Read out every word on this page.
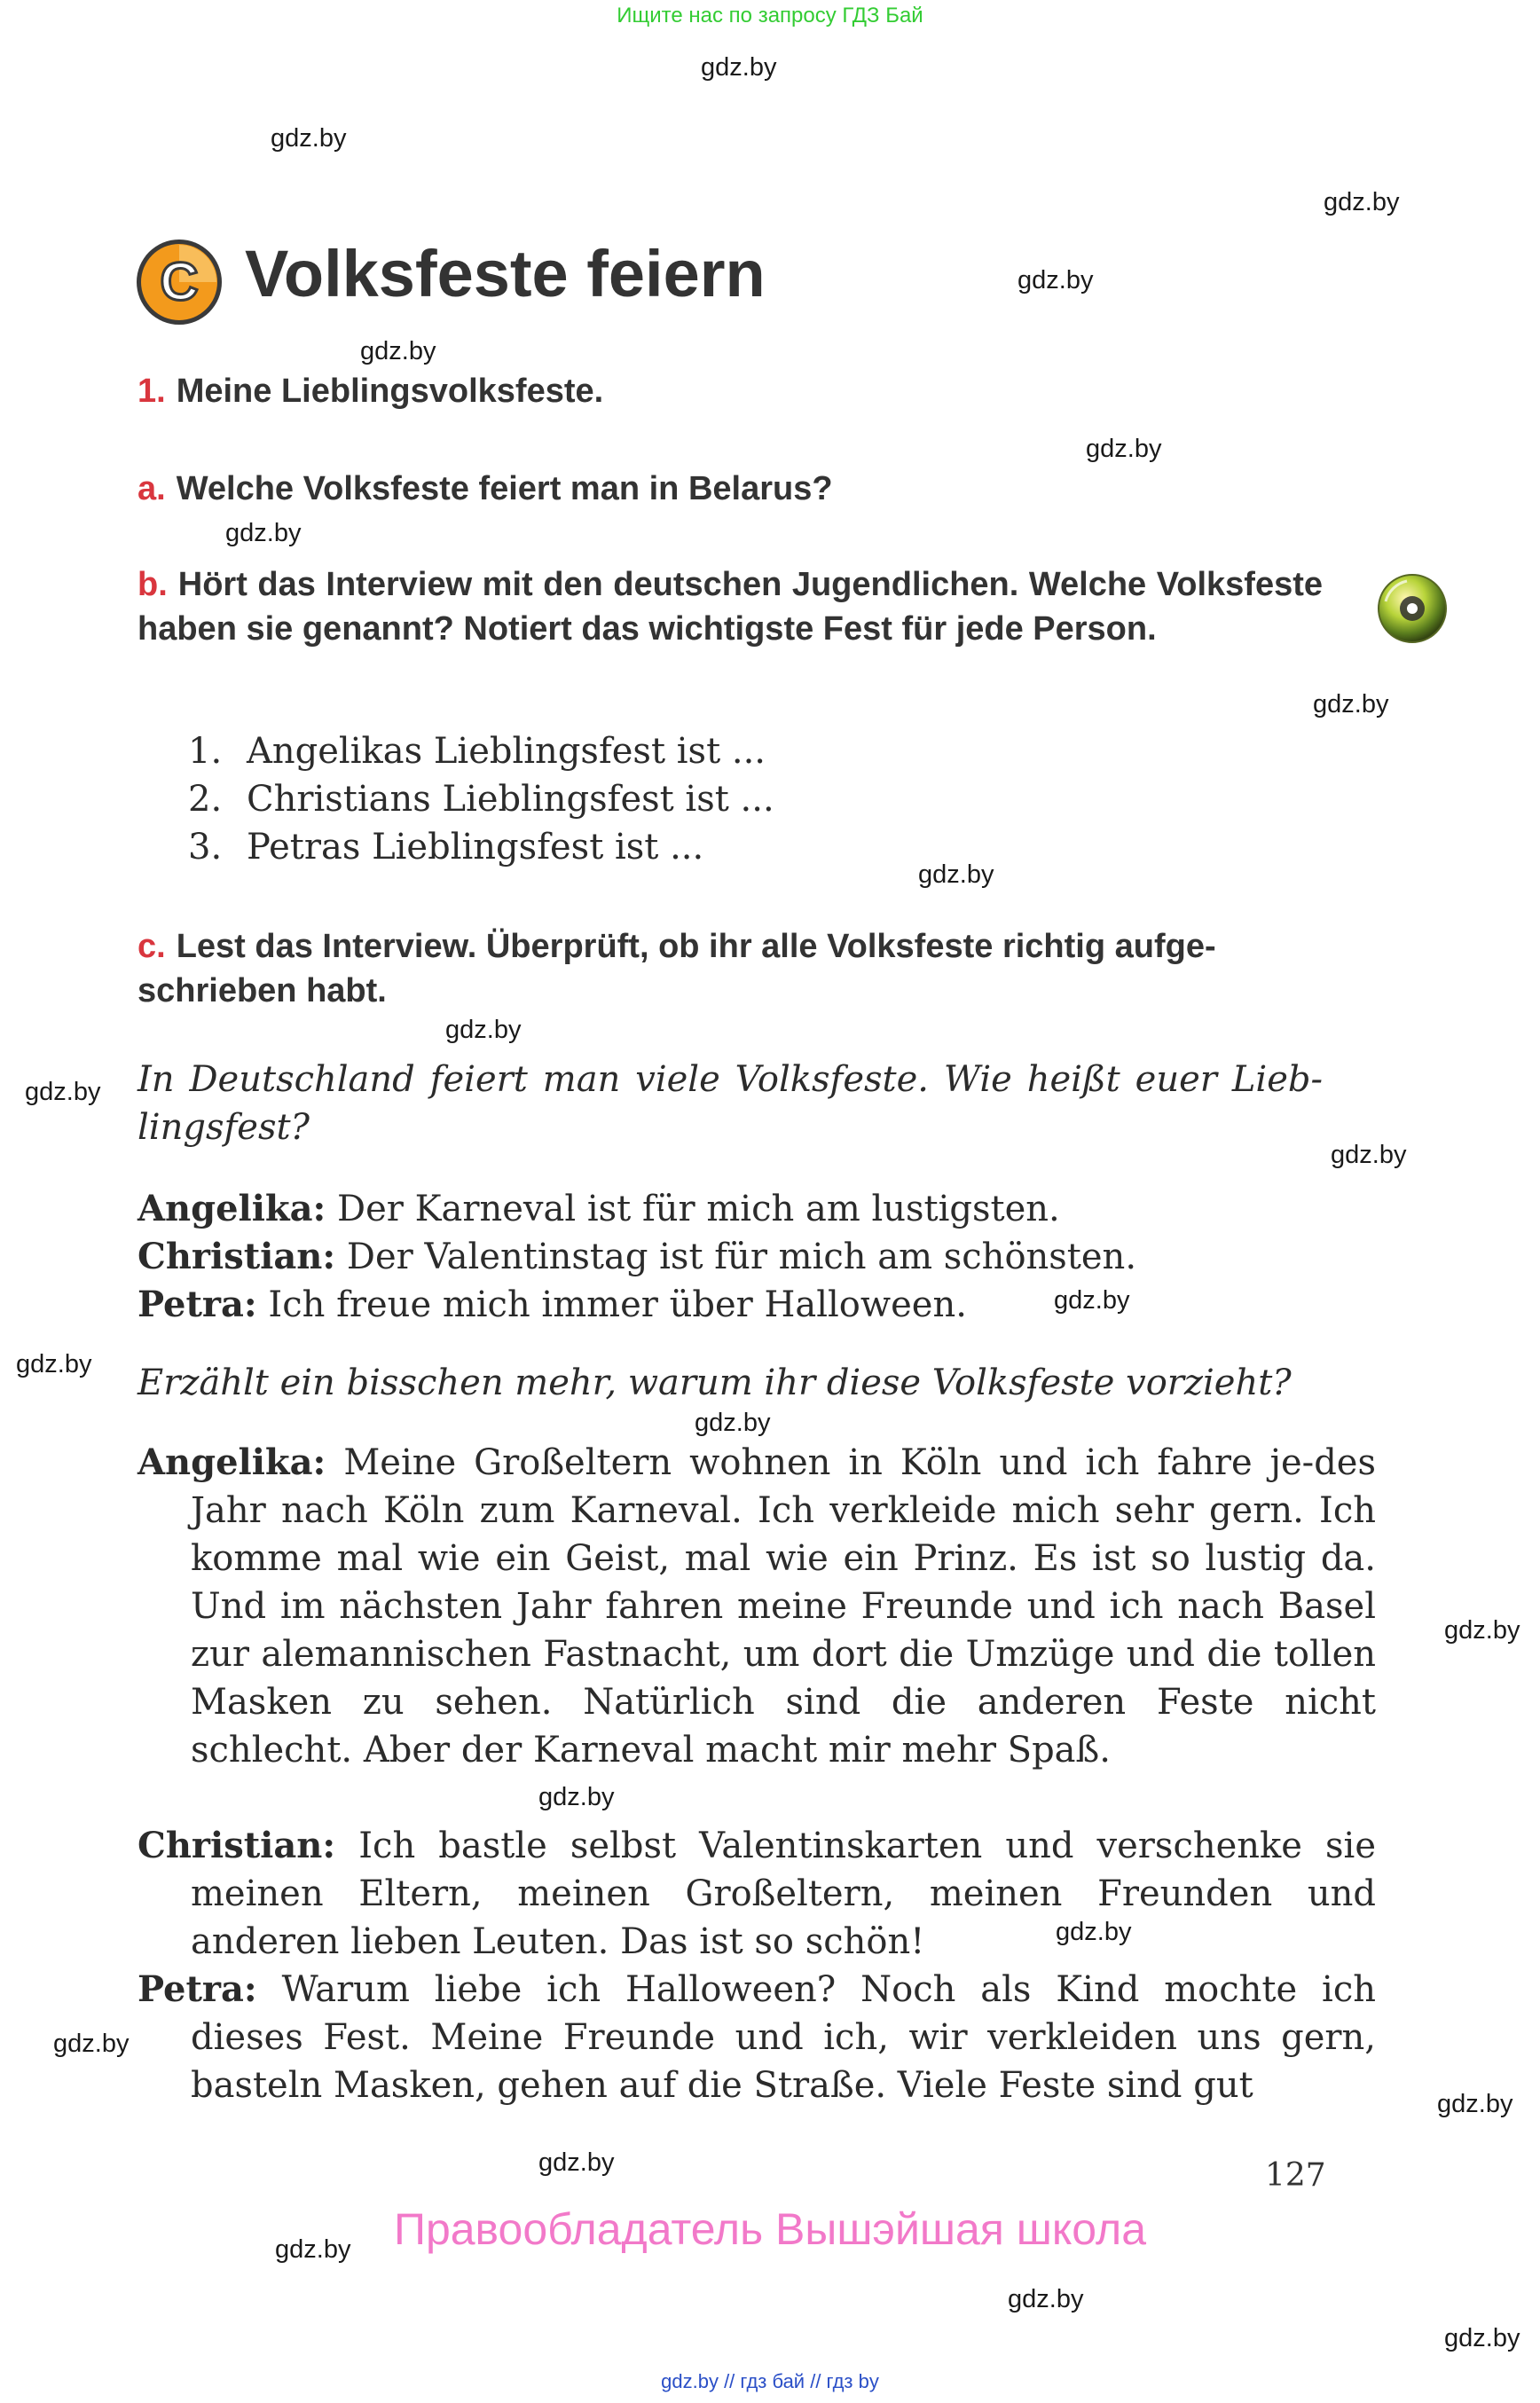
Ищите нас по запросу ГДЗ Бай
gdz.by
gdz.by
gdz.by
gdz.by
gdz.by
gdz.by
gdz.by
gdz.by
gdz.by
gdz.by
gdz.by
gdz.by
gdz.by
gdz.by
gdz.by
gdz.by
gdz.by
gdz.by
gdz.by
gdz.by
gdz.by
gdz.by
gdz.by
gdz.by
C Volksfeste feiern
1. Meine Lieblingsvolksfeste.
a. Welche Volksfeste feiert man in Belarus?
b. Hört das Interview mit den deutschen Jugendlichen. Welche Volksfeste haben sie genannt? Notiert das wichtigste Fest für jede Person.
1. Angelikas Lieblingsfest ist ...
2. Christians Lieblingsfest ist ...
3. Petras Lieblingsfest ist ...
c. Lest das Interview. Überprüft, ob ihr alle Volksfeste richtig aufge-schrieben habt.
In Deutschland feiert man viele Volksfeste. Wie heißt euer Lieb-lingsfest?
Angelika: Der Karneval ist für mich am lustigsten.
Christian: Der Valentinstag ist für mich am schönsten.
Petra: Ich freue mich immer über Halloween.
Erzählt ein bisschen mehr, warum ihr diese Volksfeste vorzieht?
Angelika: Meine Großeltern wohnen in Köln und ich fahre je-des Jahr nach Köln zum Karneval. Ich verkleide mich sehr gern. Ich komme mal wie ein Geist, mal wie ein Prinz. Es ist so lustig da. Und im nächsten Jahr fahren meine Freunde und ich nach Basel zur alemannischen Fastnacht, um dort die Umzüge und die tollen Masken zu sehen. Natürlich sind die anderen Feste nicht schlecht. Aber der Karneval macht mir mehr Spaß.
Christian: Ich bastle selbst Valentinskarten und verschenke sie meinen Eltern, meinen Großeltern, meinen Freunden und anderen lieben Leuten. Das ist so schön!
Petra: Warum liebe ich Halloween? Noch als Kind mochte ich dieses Fest. Meine Freunde und ich, wir verkleiden uns gern, basteln Masken, gehen auf die Straße. Viele Feste sind gut
127
Правообладатель Вышэйшая школа
gdz.by // гдз бай // гдз by
